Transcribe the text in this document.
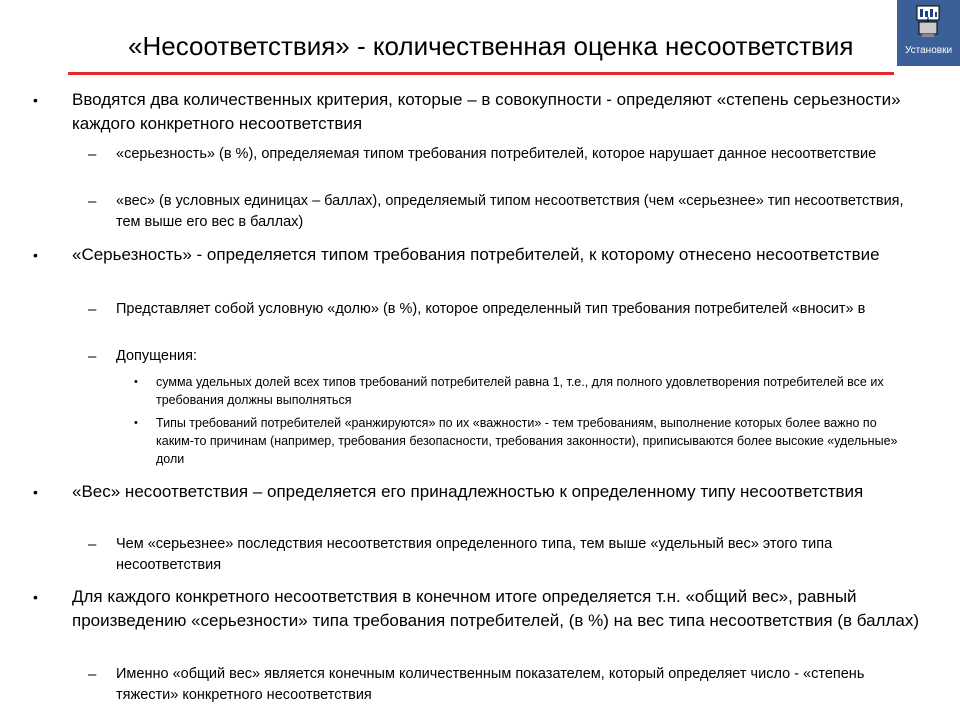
«Несоответствия» - количественная оценка несоответствия	Установки
• Вводятся два количественных критерия, которые – в совокупности - определяют «степень серьезности» каждого конкретного несоответствия
– «серьезность» (в %), определяемая типом требования потребителей, которое нарушает данное несоответствие
– «вес» (в условных единицах – баллах), определяемый типом несоответствия (чем «серьезнее» тип несоответствия, тем выше его вес в баллах)
• «Серьезность» - определяется типом требования потребителей, к которому отнесено несоответствие
– Представляет собой условную «долю» (в %), которое определенный тип требования потребителей «вносит» в
– Допущения:
• сумма удельных долей всех типов требований потребителей равна 1, т.е., для полного удовлетворения потребителей все их требования должны выполняться
• Типы требований потребителей «ранжируются» по их «важности» - тем требованиям, выполнение которых более важно по каким-то причинам (например, требования безопасности, требования законности), приписываются более высокие «удельные» доли
• «Вес» несоответствия – определяется его принадлежностью к определенному типу несоответствия
– Чем «серьезнее» последствия несоответствия определенного типа, тем выше «удельный вес» этого типа несоответствия
• Для каждого конкретного несоответствия в конечном итоге определяется т.н. «общий вес», равный произведению «серьезности» типа требования потребителей, (в %) на вес типа несоответствия (в баллах)
– Именно «общий вес» является конечным количественным показателем, который определяет число - «степень тяжести» конкретного несоответствия
